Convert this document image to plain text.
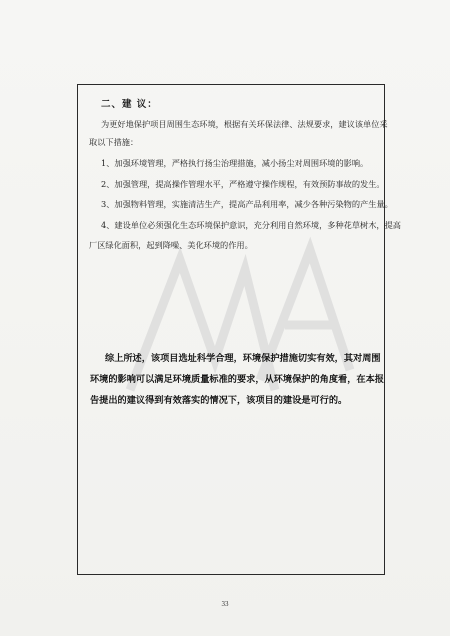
二、建 议：
为更好地保护项目周围生态环境，根据有关环保法律、法规要求，建议该单位采
取以下措施：
1、加强环境管理，严格执行扬尘治理措施，减小扬尘对周围环境的影响。
2、加强管理，提高操作管理水平，严格遵守操作规程，有效预防事故的发生。
3、加强物料管理，实施清洁生产，提高产品利用率，减少各种污染物的产生量。
4、建设单位必须强化生态环境保护意识，充分利用自然环境，多种花草树木，提高
厂区绿化面积，起到降噪、美化环境的作用。
综上所述，该项目选址科学合理，环境保护措施切实有效，其对周围
环境的影响可以满足环境质量标准的要求，从环境保护的角度看，在本报
告提出的建议得到有效落实的情况下，该项目的建设是可行的。
33
